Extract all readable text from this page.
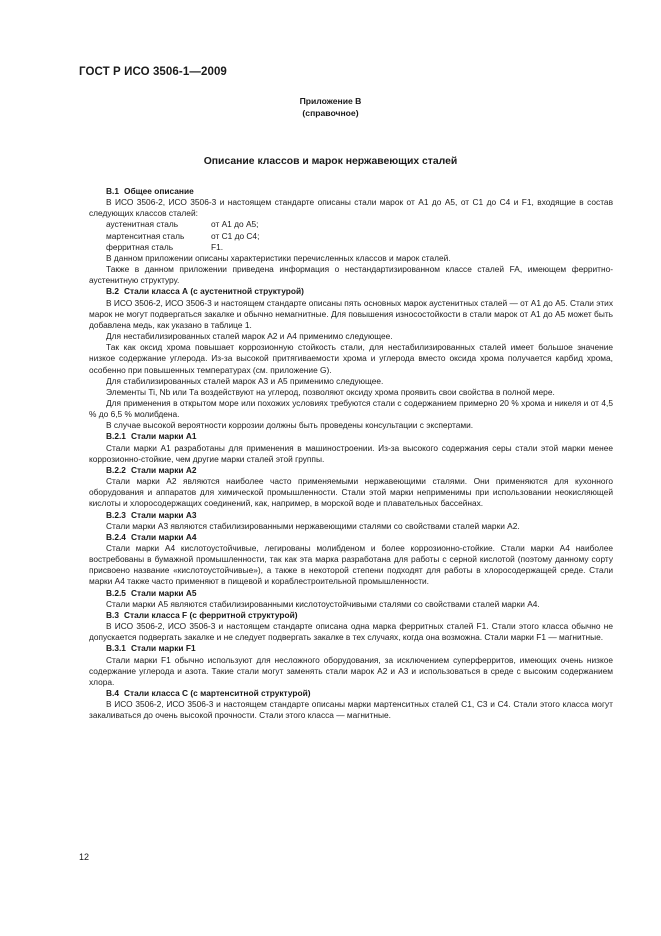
ГОСТ Р ИСО 3506-1—2009
Приложение B
(справочное)
Описание классов и марок нержавеющих сталей
B.1 Общее описание

В ИСО 3506-2, ИСО 3506-3 и настоящем стандарте описаны стали марок от А1 до А5, от С1 до С4 и F1, входящие в состав следующих классов сталей:

аустенитная сталь	от А1 до А5;
мартенситная сталь	от С1 до С4;
ферритная сталь	F1.

В данном приложении описаны характеристики перечисленных классов и марок сталей.

Также в данном приложении приведена информация о нестандартизированном классе сталей FA, имеющем ферритно-аустенитную структуру.

B.2 Стали класса А (с аустенитной структурой)

В ИСО 3506-2, ИСО 3506-3 и настоящем стандарте описаны пять основных марок аустенитных сталей — от А1 до А5. Стали этих марок не могут подвергаться закалке и обычно немагнитные. Для повышения износостойкости в стали марок от А1 до А5 может быть добавлена медь, как указано в таблице 1.

Для нестабилизированных сталей марок А2 и А4 применимо следующее.

Так как оксид хрома повышает коррозионную стойкость стали, для нестабилизированных сталей имеет большое значение низкое содержание углерода. Из-за высокой притягиваемости хрома и углерода вместо оксида хрома получается карбид хрома, особенно при повышенных температурах (см. приложение G).

Для стабилизированных сталей марок А3 и А5 применимо следующее.

Элементы Ti, Nb или Та воздействуют на углерод, позволяют оксиду хрома проявить свои свойства в полной мере.

Для применения в открытом море или похожих условиях требуются стали с содержанием примерно 20 % хрома и никеля и от 4,5 % до 6,5 % молибдена.

В случае высокой вероятности коррозии должны быть проведены консультации с экспертами.

B.2.1 Стали марки А1

Стали марки А1 разработаны для применения в машиностроении. Из-за высокого содержания серы стали этой марки менее коррозионно-стойкие, чем другие марки сталей этой группы.

B.2.2 Стали марки А2

Стали марки А2 являются наиболее часто применяемыми нержавеющими сталями. Они применяются для кухонного оборудования и аппаратов для химической промышленности. Стали этой марки неприменимы при использовании неокисляющей кислоты и хлоросодержащих соединений, как, например, в морской воде и плавательных бассейнах.

B.2.3 Стали марки А3

Стали марки А3 являются стабилизированными нержавеющими сталями со свойствами сталей марки А2.

B.2.4 Стали марки А4

Стали марки А4 кислотоустойчивые, легированы молибденом и более коррозионно-стойкие. Стали марки А4 наиболее востребованы в бумажной промышленности, так как эта марка разработана для работы с серной кислотой (поэтому данному сорту присвоено название «кислотоустойчивые»), а также в некоторой степени подходят для работы в хлоросодержащей среде. Стали марки А4 также часто применяют в пищевой и кораблестроительной промышленности.

B.2.5 Стали марки А5

Стали марки А5 являются стабилизированными кислотоустойчивыми сталями со свойствами сталей марки А4.

B.3 Стали класса F (с ферритной структурой)

В ИСО 3506-2, ИСО 3506-3 и настоящем стандарте описана одна марка ферритных сталей F1. Стали этого класса обычно не допускается подвергать закалке и не следует подвергать закалке в тех случаях, когда она возможна. Стали марки F1 — магнитные.

B.3.1 Стали марки F1

Стали марки F1 обычно используют для несложного оборудования, за исключением суперферритов, имеющих очень низкое содержание углерода и азота. Такие стали могут заменять стали марок А2 и А3 и использоваться в среде с высоким содержанием хлора.

B.4 Стали класса С (с мартенситной структурой)

В ИСО 3506-2, ИСО 3506-3 и настоящем стандарте описаны марки мартенситных сталей С1, С3 и С4. Стали этого класса могут закаливаться до очень высокой прочности. Стали этого класса — магнитные.

12
